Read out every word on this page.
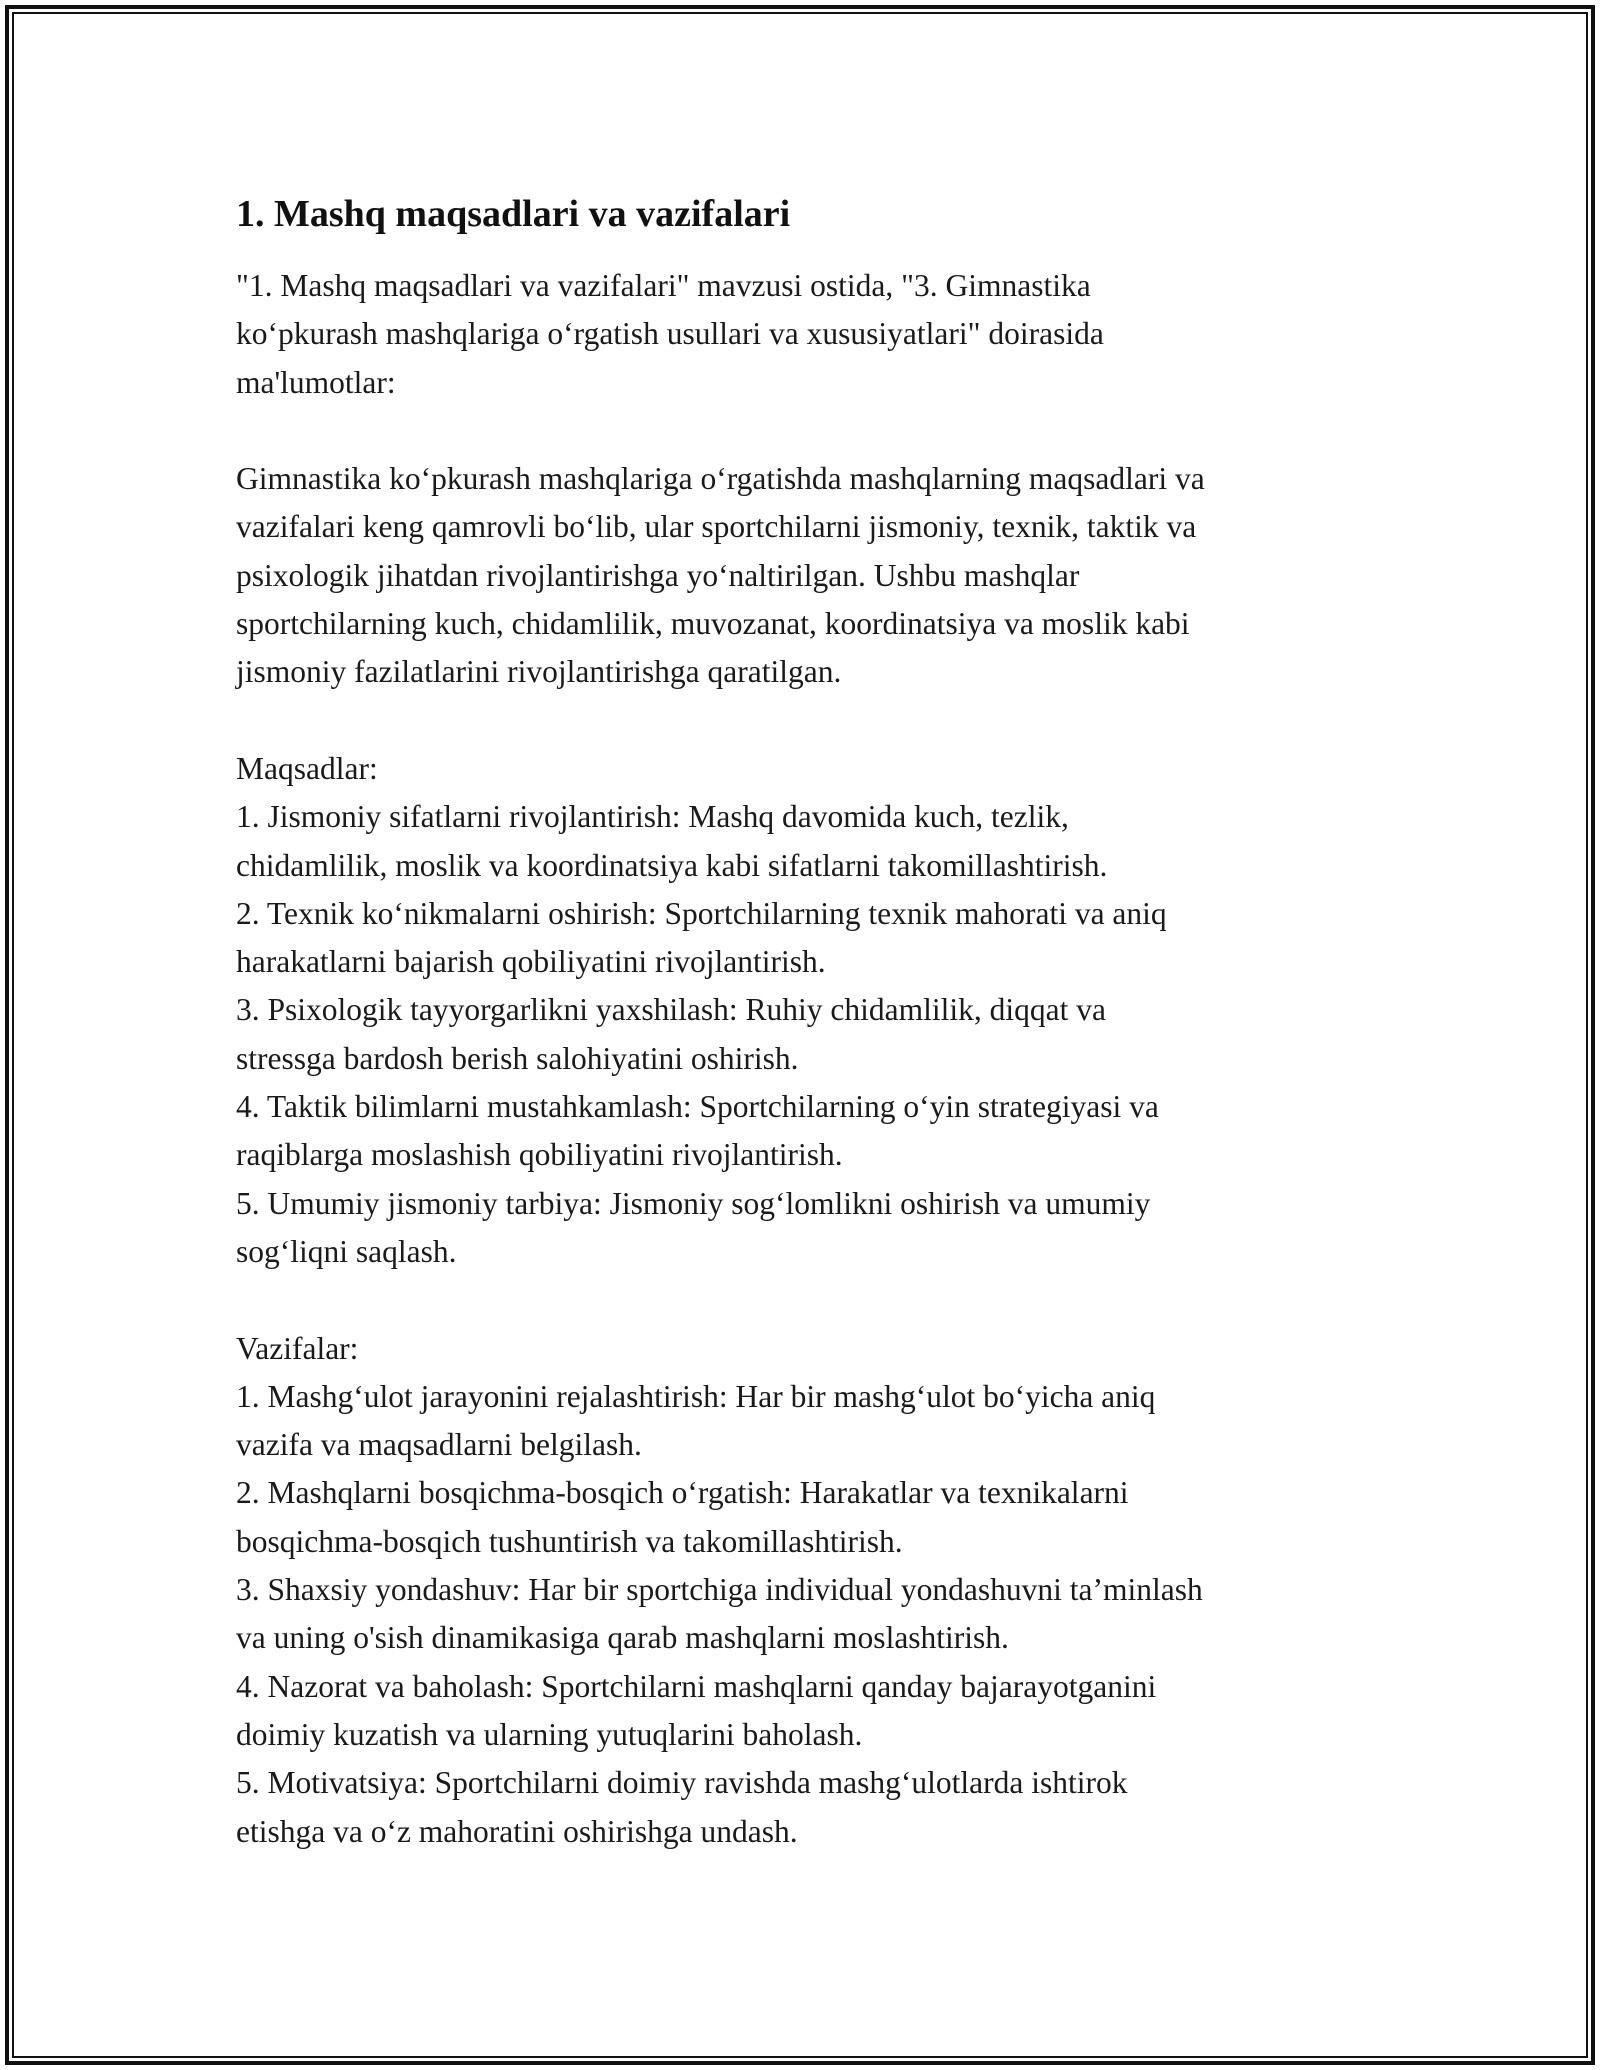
1. Mashq maqsadlari va vazifalari
"1. Mashq maqsadlari va vazifalari" mavzusi ostida, "3. Gimnastika
ko‘pkurash mashqlariga o‘rgatish usullari va xususiyatlari" doirasida
ma'lumotlar:
Gimnastika ko‘pkurash mashqlariga o‘rgatishda mashqlarning maqsadlari va
vazifalari keng qamrovli bo‘lib, ular sportchilarni jismoniy, texnik, taktik va
psixologik jihatdan rivojlantirishga yo‘naltirilgan. Ushbu mashqlar
sportchilarning kuch, chidamlilik, muvozanat, koordinatsiya va moslik kabi
jismoniy fazilatlarini rivojlantirishga qaratilgan.
Maqsadlar:
1. Jismoniy sifatlarni rivojlantirish: Mashq davomida kuch, tezlik,
chidamlilik, moslik va koordinatsiya kabi sifatlarni takomillashtirish.
2. Texnik ko‘nikmalarni oshirish: Sportchilarning texnik mahorati va aniq
harakatlarni bajarish qobiliyatini rivojlantirish.
3. Psixologik tayyorgarlikni yaxshilash: Ruhiy chidamlilik, diqqat va
stressga bardosh berish salohiyatini oshirish.
4. Taktik bilimlarni mustahkamlash: Sportchilarning o‘yin strategiyasi va
raqiblarga moslashish qobiliyatini rivojlantirish.
5. Umumiy jismoniy tarbiya: Jismoniy sog‘lomlikni oshirish va umumiy
sog‘liqni saqlash.
Vazifalar:
1. Mashg‘ulot jarayonini rejalashtirish: Har bir mashg‘ulot bo‘yicha aniq
vazifa va maqsadlarni belgilash.
2. Mashqlarni bosqichma-bosqich o‘rgatish: Harakatlar va texnikalarni
bosqichma-bosqich tushuntirish va takomillashtirish.
3. Shaxsiy yondashuv: Har bir sportchiga individual yondashuvni ta’minlash
va uning o'sish dinamikasiga qarab mashqlarni moslashtirish.
4. Nazorat va baholash: Sportchilarni mashqlarni qanday bajarayotganini
doimiy kuzatish va ularning yutuqlarini baholash.
5. Motivatsiya: Sportchilarni doimiy ravishda mashg‘ulotlarda ishtirok
etishga va o‘z mahoratini oshirishga undash.
